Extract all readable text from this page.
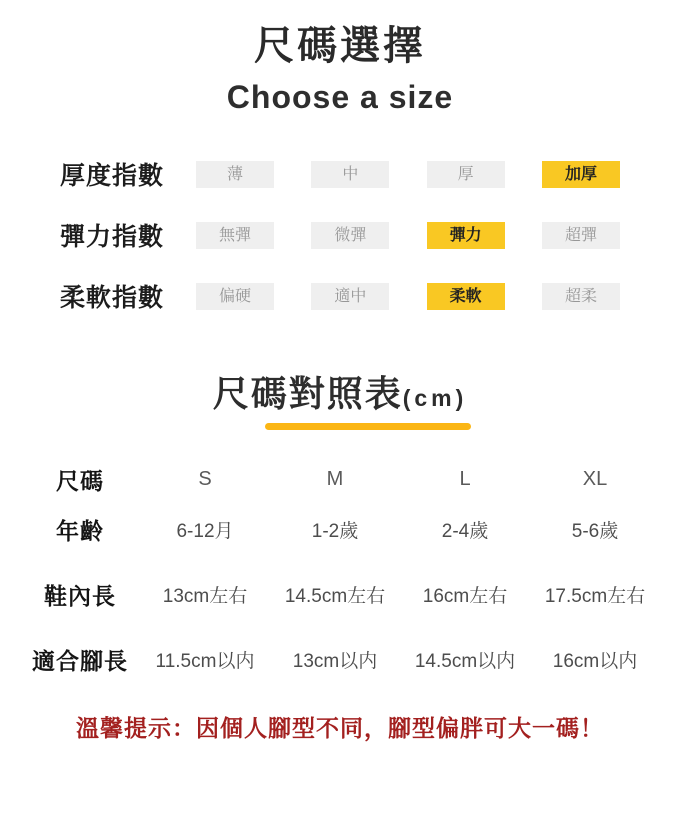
尺碼選擇
Choose a size
厚度指數	薄	中	厚	加厚
彈力指數	無彈	微彈	彈力	超彈
柔軟指數	偏硬	適中	柔軟	超柔
尺碼對照表(cm)
尺碼	S	M	L	XL
年齡	6-12月	1-2歲	2-4歲	5-6歲
鞋內長	13cm左右	14.5cm左右	16cm左右	17.5cm左右
適合腳長	11.5cm以内	13cm以内	14.5cm以内	16cm以内
溫馨提示：因個人腳型不同，腳型偏胖可大一碼！
